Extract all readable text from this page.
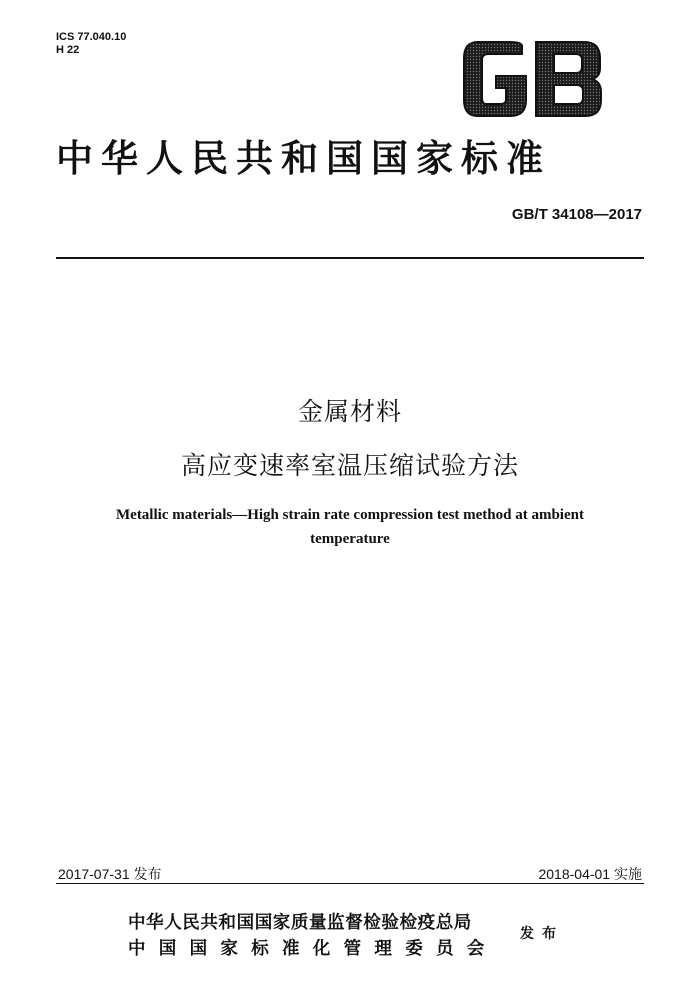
ICS 77.040.10
H 22
中华人民共和国国家标准
GB/T 34108—2017
金属材料
高应变速率室温压缩试验方法
Metallic materials—High strain rate compression test method at ambient
temperature
2017-07-31 发布	2018-04-01 实施
中华人民共和国国家质量监督检验检疫总局
中国国家标准化管理委员会
发布
